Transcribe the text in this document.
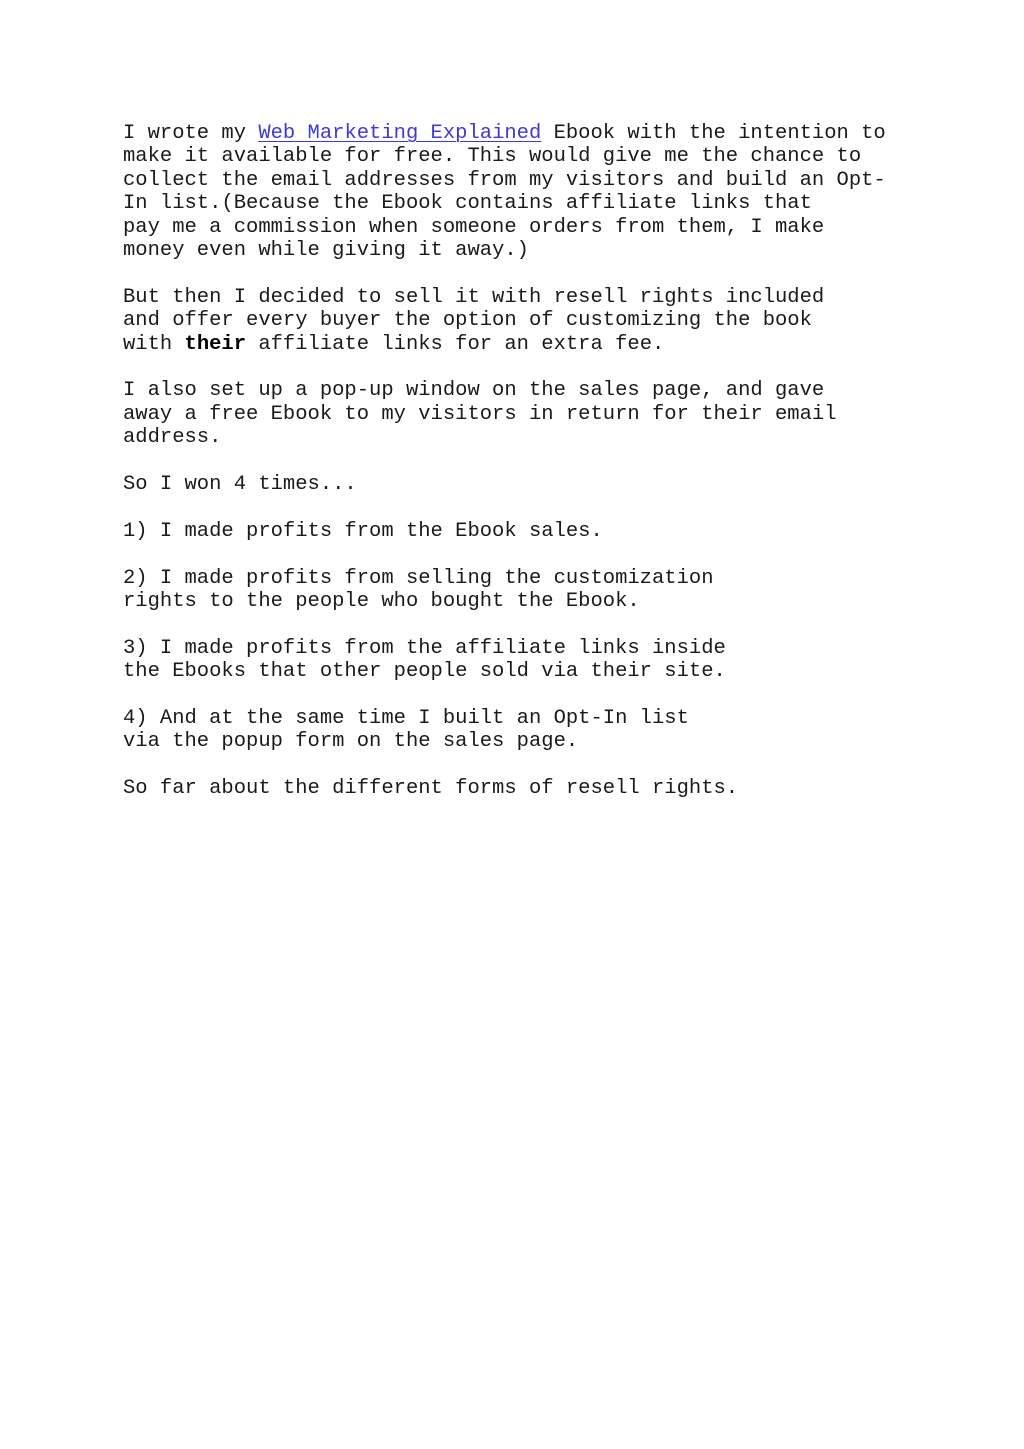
I wrote my Web Marketing Explained Ebook with the intention to
make it available for free. This would give me the chance to
collect the email addresses from my visitors and build an Opt-
In list.(Because the Ebook contains affiliate links that
pay me a commission when someone orders from them, I make
money even while giving it away.)

But then I decided to sell it with resell rights included
and offer every buyer the option of customizing the book
with their affiliate links for an extra fee.

I also set up a pop-up window on the sales page, and gave
away a free Ebook to my visitors in return for their email
address.

So I won 4 times...

1) I made profits from the Ebook sales.

2) I made profits from selling the customization
rights to the people who bought the Ebook.

3) I made profits from the affiliate links inside
the Ebooks that other people sold via their site.

4) And at the same time I built an Opt-In list
via the popup form on the sales page.

So far about the different forms of resell rights.
